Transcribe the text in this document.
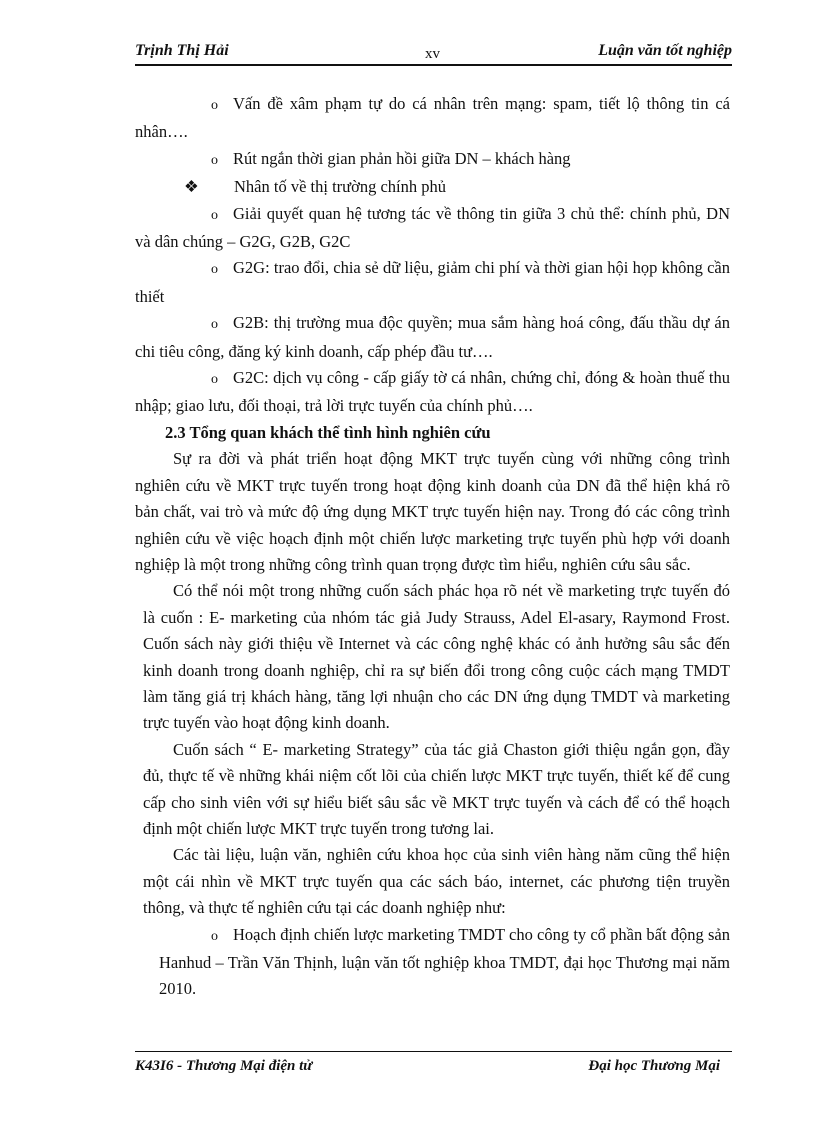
Trịnh Thị Hải	xv	Luận văn tốt nghiệp

o Vấn đề xâm phạm tự do cá nhân trên mạng: spam, tiết lộ thông tin cá nhân….

o Rút ngắn thời gian phản hồi giữa DN – khách hàng

❖ Nhân tố về thị trường chính phủ

o Giải quyết quan hệ tương tác về thông tin giữa 3 chủ thể: chính phủ, DN và dân chúng – G2G, G2B, G2C

o G2G: trao đổi, chia sẻ dữ liệu, giảm chi phí và thời gian hội họp không cần thiết

o G2B: thị trường mua độc quyền; mua sắm hàng hoá công, đấu thầu dự án chi tiêu công, đăng ký kinh doanh, cấp phép đầu tư….

o G2C: dịch vụ công - cấp giấy tờ cá nhân, chứng chỉ, đóng & hoàn thuế thu nhập; giao lưu, đối thoại, trả lời trực tuyến của chính phủ….

2.3 Tổng quan khách thể tình hình nghiên cứu

Sự ra đời và phát triển hoạt động MKT trực tuyến cùng với những công trình nghiên cứu về MKT trực tuyến trong hoạt động kinh doanh của DN đã thể hiện khá rõ bản chất, vai trò và mức độ ứng dụng MKT trực tuyến hiện nay. Trong đó các công trình nghiên cứu về việc hoạch định một chiến lược marketing trực tuyến phù hợp với doanh nghiệp là một trong những công trình quan trọng được tìm hiểu, nghiên cứu sâu sắc.

Có thể nói một trong những cuốn sách phác họa rõ nét về marketing trực tuyến đó là cuốn : E- marketing của nhóm tác giả Judy Strauss, Adel El-asary, Raymond Frost. Cuốn sách này giới thiệu về Internet và các công nghệ khác có ảnh hưởng sâu sắc đến kinh doanh trong doanh nghiệp, chỉ ra sự biến đổi trong công cuộc cách mạng TMDT làm tăng giá trị khách hàng, tăng lợi nhuận cho các DN ứng dụng TMDT và marketing trực tuyến vào hoạt động kinh doanh.

Cuốn sách “ E- marketing Strategy” của tác giả Chaston giới thiệu ngắn gọn, đầy đủ, thực tế về những khái niệm cốt lõi của chiến lược MKT trực tuyến, thiết kế để cung cấp cho sinh viên với sự hiểu biết sâu sắc về MKT trực tuyến và cách để có thể hoạch định một chiến lược MKT trực tuyến trong tương lai.

Các tài liệu, luận văn, nghiên cứu khoa học của sinh viên hàng năm cũng thể hiện một cái nhìn về MKT trực tuyến qua các sách báo, internet, các phương tiện truyền thông, và thực tế nghiên cứu tại các doanh nghiệp như:

o Hoạch định chiến lược marketing TMDT cho công ty cổ phần bất động sản Hanhud – Trần Văn Thịnh, luận văn tốt nghiệp khoa TMDT, đại học Thương mại năm 2010.

K43I6 - Thương Mại điện tử	Đại học Thương Mại
